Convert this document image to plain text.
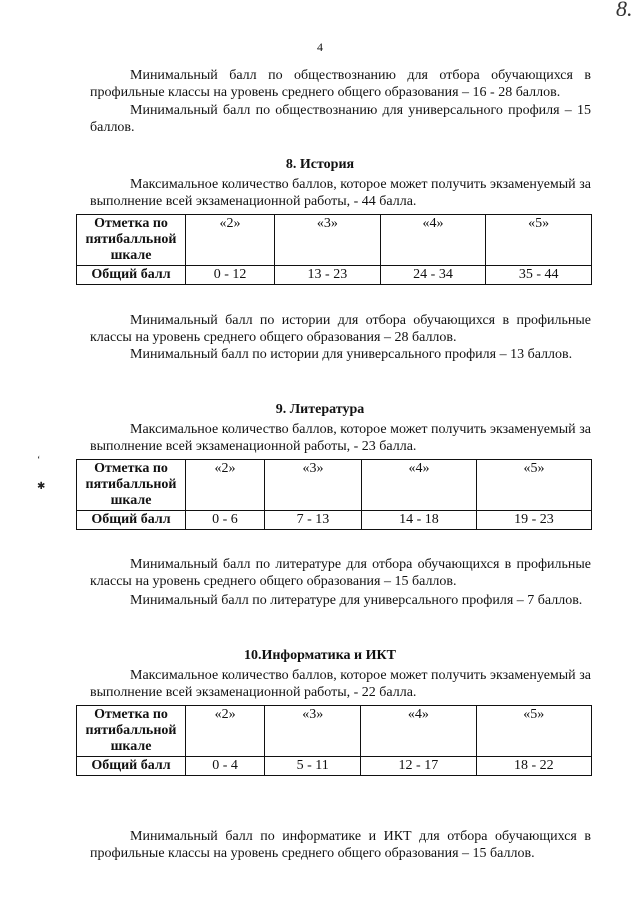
8.
4

Минимальный балл по обществознанию для отбора обучающихся в профильные классы на уровень среднего общего образования – 16 - 28 баллов.

Минимальный балл по обществознанию для универсального профиля – 15 баллов.

8. История

Максимальное количество баллов, которое может получить экзаменуемый за выполнение всей экзаменационной работы, - 44 балла.

Отметка по пятибалльной шкале	«2»	«3»	«4»	«5»
Общий балл	0 - 12	13 - 23	24 - 34	35 - 44

Минимальный балл по истории для отбора обучающихся в профильные классы на уровень среднего общего образования – 28 баллов.

Минимальный балл по истории для универсального профиля – 13 баллов.

9. Литература

Максимальное количество баллов, которое может получить экзаменуемый за выполнение всей экзаменационной работы, - 23 балла.

Отметка по пятибалльной шкале	«2»	«3»	«4»	«5»
Общий балл	0 - 6	7 - 13	14 - 18	19 - 23

Минимальный балл по литературе для отбора обучающихся в профильные классы на уровень среднего общего образования – 15 баллов.

Минимальный балл по литературе для универсального профиля – 7 баллов.

10.Информатика и ИКТ

Максимальное количество баллов, которое может получить экзаменуемый за выполнение всей экзаменационной работы, - 22 балла.

Отметка по пятибалльной шкале	«2»	«3»	«4»	«5»
Общий балл	0 - 4	5 - 11	12 - 17	18 - 22

Минимальный балл по информатике и ИКТ для отбора обучающихся в профильные классы на уровень среднего общего образования – 15 баллов.

‘
✱
